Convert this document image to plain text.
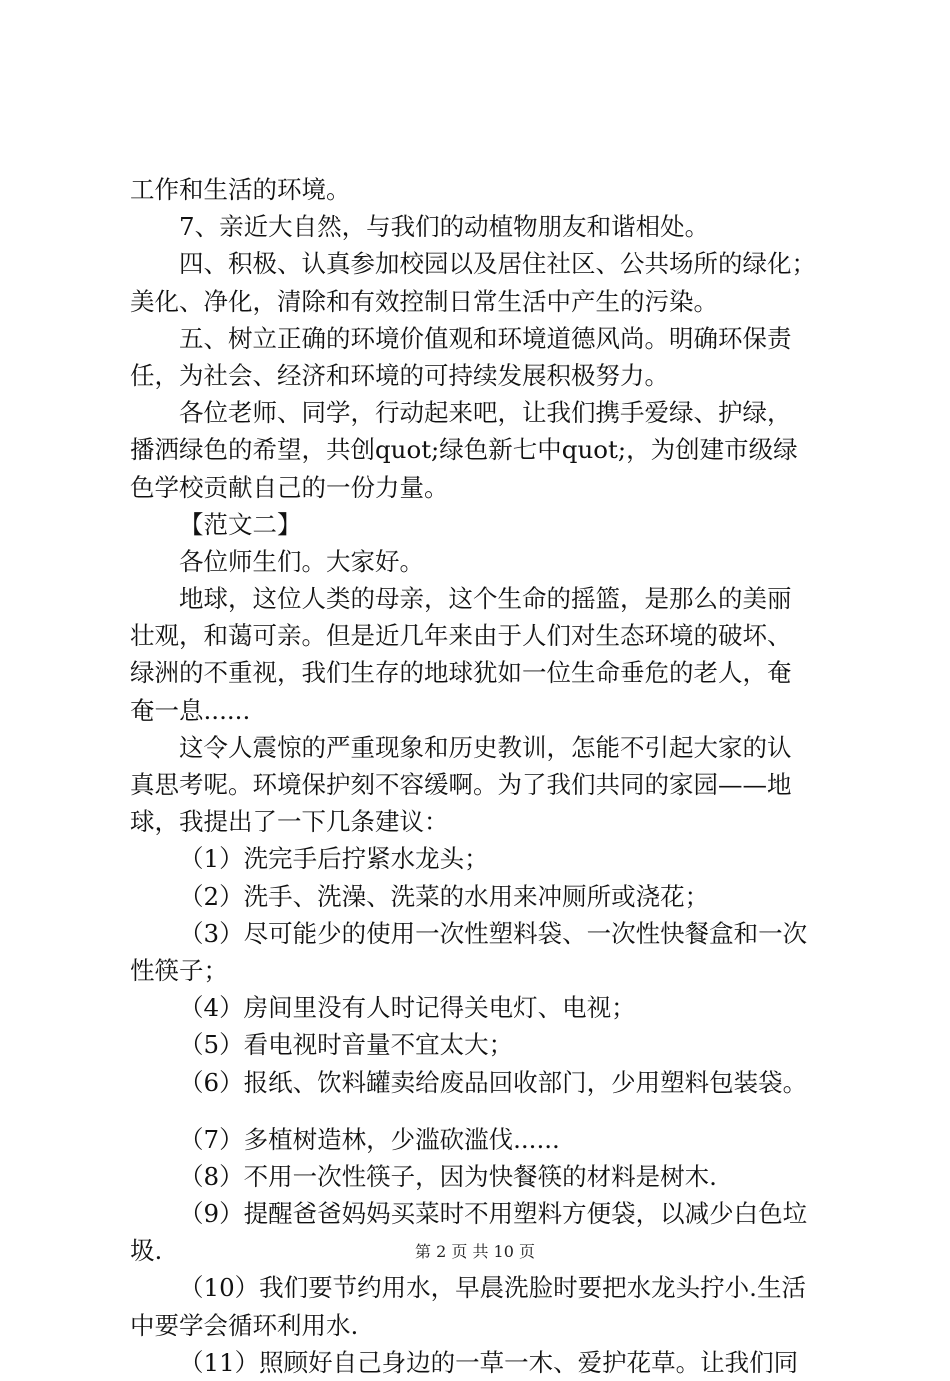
工作和生活的环境。
7、亲近大自然，与我们的动植物朋友和谐相处。
四、积极、认真参加校园以及居住社区、公共场所的绿化；
美化、净化，清除和有效控制日常生活中产生的污染。
五、树立正确的环境价值观和环境道德风尚。明确环保责
任，为社会、经济和环境的可持续发展积极努力。
各位老师、同学，行动起来吧，让我们携手爱绿、护绿，
播洒绿色的希望，共创quot;绿色新七中quot;，为创建市级绿
色学校贡献自己的一份力量。
【范文二】
各位师生们。大家好。
地球，这位人类的母亲，这个生命的摇篮，是那么的美丽
壮观，和蔼可亲。但是近几年来由于人们对生态环境的破坏、
绿洲的不重视，我们生存的地球犹如一位生命垂危的老人，奄
奄一息......
这令人震惊的严重现象和历史教训，怎能不引起大家的认
真思考呢。环境保护刻不容缓啊。为了我们共同的家园——地
球，我提出了一下几条建议：
（1）洗完手后拧紧水龙头；
（2）洗手、洗澡、洗菜的水用来冲厕所或浇花；
（3）尽可能少的使用一次性塑料袋、一次性快餐盒和一次
性筷子；
（4）房间里没有人时记得关电灯、电视；
（5）看电视时音量不宜太大；
（6）报纸、饮料罐卖给废品回收部门，少用塑料包装袋。
（7）多植树造林，少滥砍滥伐......
（8）不用一次性筷子，因为快餐筷的材料是树木.
（9）提醒爸爸妈妈买菜时不用塑料方便袋，以减少白色垃
圾.
（10）我们要节约用水，早晨洗脸时要把水龙头拧小.生活
中要学会循环利用水.
（11）照顾好自己身边的一草一木、爱护花草。让我们同
第 2 页 共 10 页
